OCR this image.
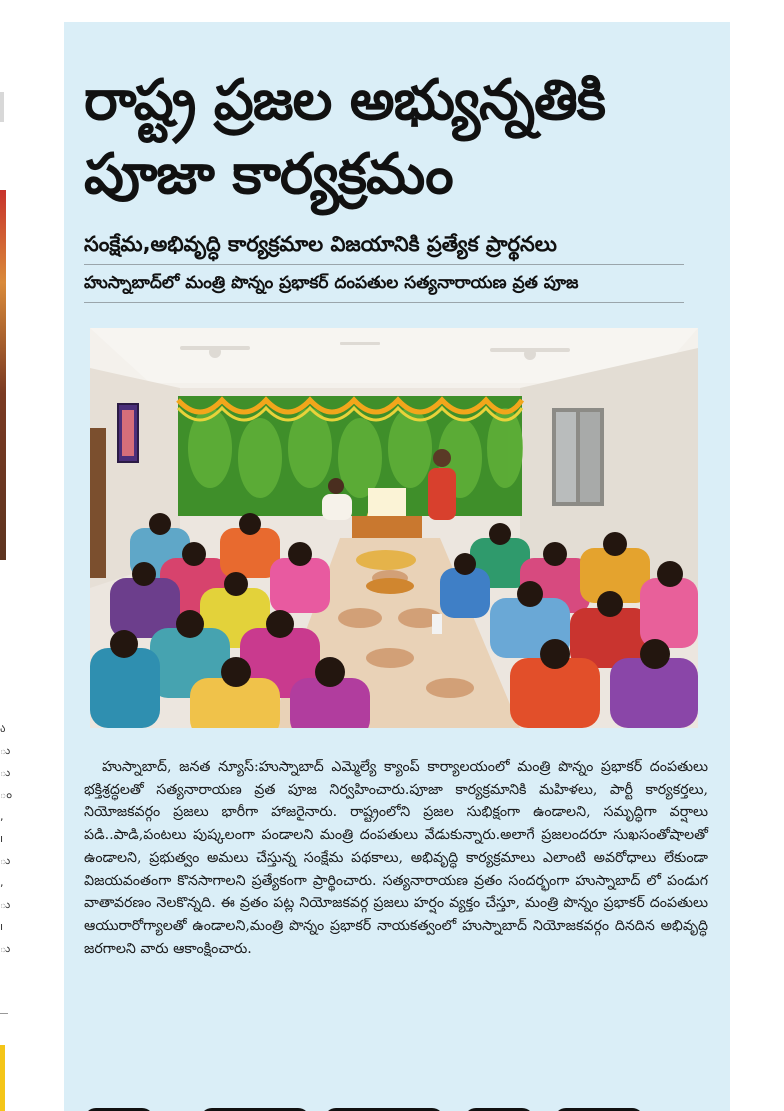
ა
ు
ు
ం
,
ı
ు
,
ు
ı
ు
రాష్ట్ర ప్రజల అభ్యున్నతికి
పూజా కార్యక్రమం
సంక్షేమ,అభివృద్ధి కార్యక్రమాల విజయానికి ప్రత్యేక ప్రార్థనలు
హుస్నాబాద్‌లో మంత్రి పొన్నం ప్రభాకర్ దంపతుల సత్యనారాయణ వ్రత పూజ

హుస్నాబాద్, జనత న్యూస్:హుస్నాబాద్ ఎమ్మెల్యే క్యాంప్ కార్యాలయంలో మంత్రి పొన్నం ప్రభాకర్ దంపతులు భక్తిశ్రద్ధలతో సత్యనారాయణ వ్రత పూజ నిర్వహించారు.పూజా కార్యక్రమానికి మహిళలు, పార్టీ కార్యకర్తలు, నియోజకవర్గం ప్రజలు భారీగా హాజరైనారు. రాష్ట్రంలోని ప్రజల సుభిక్షంగా ఉండాలని, సమృద్ధిగా వర్షాలు పడి..పాడి,పంటలు పుష్కలంగా పండాలని మంత్రి దంపతులు వేడుకున్నారు.అలాగే ప్రజలందరూ సుఖసంతోషాలతో ఉండాలని, ప్రభుత్వం అమలు చేస్తున్న సంక్షేమ పథకాలు, అభివృద్ధి కార్యక్రమాలు ఎలాంటి అవరోధాలు లేకుండా విజయవంతంగా కొనసాగాలని ప్రత్యేకంగా ప్రార్థించారు. సత్యనారాయణ వ్రతం సందర్భంగా హుస్నాబాద్ లో పండుగ వాతావరణం నెలకొన్నది. ఈ వ్రతం పట్ల నియోజకవర్గ ప్రజలు హర్షం వ్యక్తం చేస్తూ, మంత్రి పొన్నం ప్రభాకర్ దంపతులు ఆయురారోగ్యాలతో ఉండాలని,మంత్రి పొన్నం ప్రభాకర్ నాయకత్వంలో హుస్నాబాద్ నియోజకవర్గం దినదిన అభివృద్ధి జరగాలని వారు ఆకాంక్షించారు.
